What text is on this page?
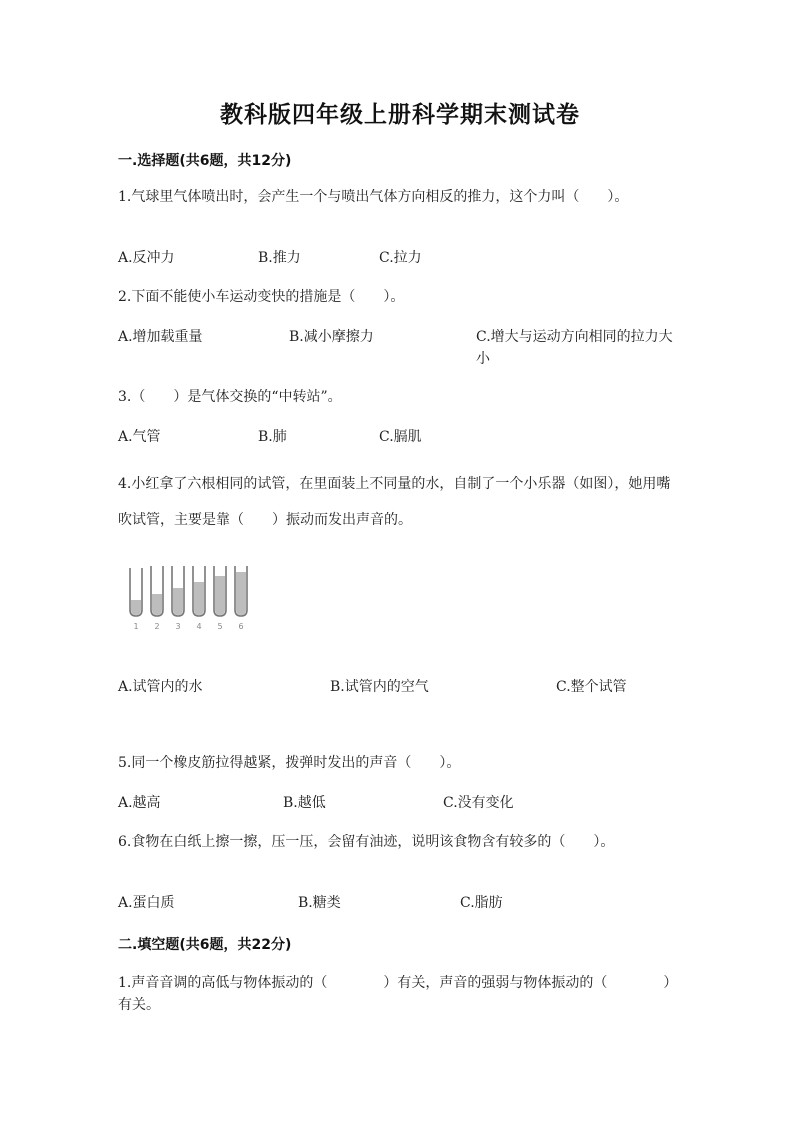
教科版四年级上册科学期末测试卷
一.选择题(共6题，共12分)
1.气球里气体喷出时，会产生一个与喷出气体方向相反的推力，这个力叫（　　）。
A.反冲力	B.推力	C.拉力
2.下面不能使小车运动变快的措施是（　　）。
A.增加载重量	B.减小摩擦力	C.增大与运动方向相同的拉力大小
3.（　　）是气体交换的“中转站”。
A.气管	B.肺	C.膈肌
4.小红拿了六根相同的试管，在里面装上不同量的水，自制了一个小乐器（如图），她用嘴吹试管，主要是靠（　　）振动而发出声音的。
1 2 3 4 5 6
A.试管内的水	B.试管内的空气	C.整个试管
5.同一个橡皮筋拉得越紧，拨弹时发出的声音（　　）。
A.越高	B.越低	C.没有变化
6.食物在白纸上擦一擦，压一压，会留有油迹，说明该食物含有较多的（　　）。
A.蛋白质	B.糖类	C.脂肪
二.填空题(共6题，共22分)
1.声音音调的高低与物体振动的（　　　　）有关，声音的强弱与物体振动的（　　　　）有关。
